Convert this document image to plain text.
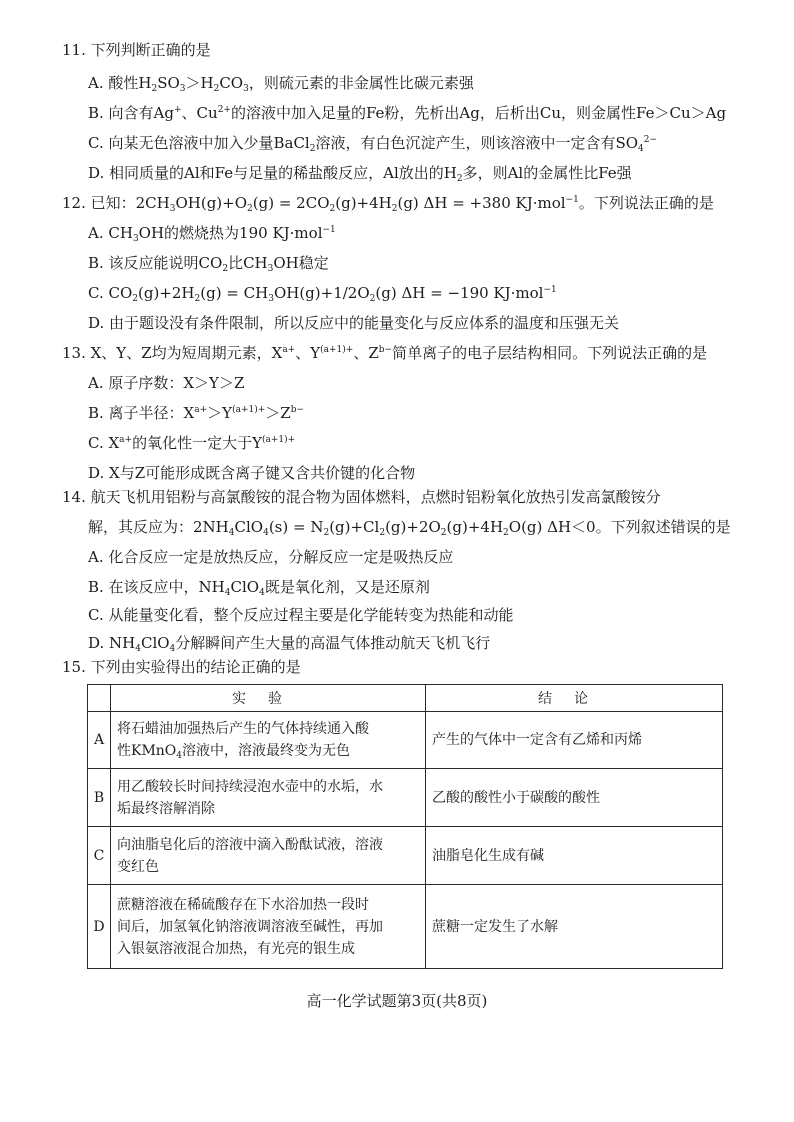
11. 下列判断正确的是
A. 酸性$H_2SO_3>H_2CO_3$，则硫元素的非金属性比碳元素强
B. 向含有Ag+、$Cu^{2+}$的溶液中加入足量的Fe粉，先析出Ag，后析出Cu，则金属性Fe＞Cu＞Ag
C. 向某无色溶液中加入少量BaCl$_2$溶液，有白色沉淀产生，则该溶液中一定含有$SO_4^{2-}$
D. 相同质量的Al和Fe与足量的稀盐酸反应，Al放出的$H_2$多，则Al的金属性比Fe强
12. 已知：$2CH_3OH(g)+O_2(g) = 2CO_2(g)+4H_2(g) \Delta H = +380$ KJ·mol$^{-1}$。下列说法正确的是
A. $CH_3OH$的燃烧热为190 KJ·mol$^{-1}$
B. 该反应能说明$CO_2$比$CH_3OH$稳定
C. $CO_2(g)+2H_2(g) = CH_3OH(g)+1/2O_2(g) \Delta H = -190$ KJ·mol$^{-1}$
D. 由于题设没有条件限制，所以反应中的能量变化与反应体系的温度和压强无关
13. X、Y、Z均为短周期元素，$X^{a+}$、$Y^{(a+1)+}$、$Z^{b-}$简单离子的电子层结构相同。下列说法正确的是
A. 原子序数：X＞Y＞Z
B. 离子半径：$X^{a+}>Y^{(a+1)+}>Z^{b-}$
C. $X^{a+}$的氧化性一定大于$Y^{(a+1)+}$
D. X与Z可能形成既含离子键又含共价键的化合物
14. 航天飞机用铝粉与高氯酸铵的混合物为固体燃料，点燃时铝粉氧化放热引发高氯酸铵分
解，其反应为：$2NH_4ClO_4(s) = N_2(g)+Cl_2(g)+2O_2(g)+4H_2O(g)$ ΔH＜0。下列叙述错误的是
A. 化合反应一定是放热反应，分解反应一定是吸热反应
B. 在该反应中，$NH_4ClO_4$既是氧化剂，又是还原剂
C. 从能量变化看，整个反应过程主要是化学能转变为热能和动能
D. $NH_4ClO_4$分解瞬间产生大量的高温气体推动航天飞机飞行
15. 下列由实验得出的结论正确的是
	实验	结论
A	将石蜡油加强热后产生的气体持续通入酸
性KMnO$_4$溶液中，溶液最终变为无色	产生的气体中一定含有乙烯和丙烯
B	用乙酸较长时间持续浸泡水壶中的水垢，水
垢最终溶解消除	乙酸的酸性小于碳酸的酸性
C	向油脂皂化后的溶液中滴入酚酞试液，溶液
变红色	油脂皂化生成有碱
D	蔗糖溶液在稀硫酸存在下水浴加热一段时
间后，加氢氧化钠溶液调溶液至碱性，再加
入银氨溶液混合加热，有光亮的银生成	蔗糖一定发生了水解
高一化学试题第3页(共8页)
